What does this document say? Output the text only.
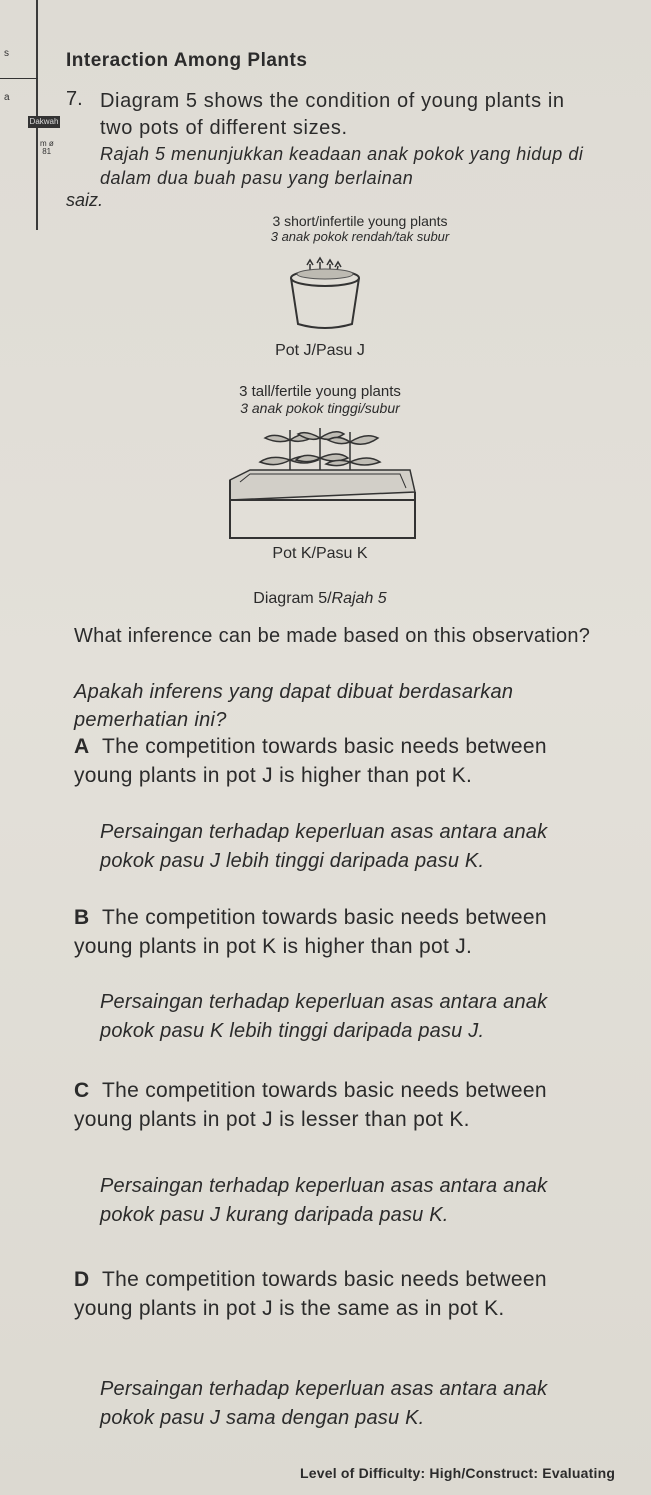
s
a
Dakwah
m ø
81
Interaction Among Plants
7. Diagram 5 shows the condition of young plants in two pots of different sizes.
Rajah 5 menunjukkan keadaan anak pokok yang hidup di dalam dua buah pasu yang berlainan
saiz.
3 short/infertile young plants
3 anak pokok rendah/tak subur
Pot J/Pasu J
3 tall/fertile young plants
3 anak pokok tinggi/subur
Pot K/Pasu K
Diagram 5/Rajah 5
What inference can be made based on this observation?
Apakah inferens yang dapat dibuat berdasarkan pemerhatian ini?
A The competition towards basic needs between young plants in pot J is higher than pot K.
Persaingan terhadap keperluan asas antara anak pokok pasu J lebih tinggi daripada pasu K.
B The competition towards basic needs between young plants in pot K is higher than pot J.
Persaingan terhadap keperluan asas antara anak pokok pasu K lebih tinggi daripada pasu J.
C The competition towards basic needs between young plants in pot J is lesser than pot K.
Persaingan terhadap keperluan asas antara anak pokok pasu J kurang daripada pasu K.
D The competition towards basic needs between young plants in pot J is the same as in pot K.
Persaingan terhadap keperluan asas antara anak pokok pasu J sama dengan pasu K.
Level of Difficulty: High/Construct: Evaluating
